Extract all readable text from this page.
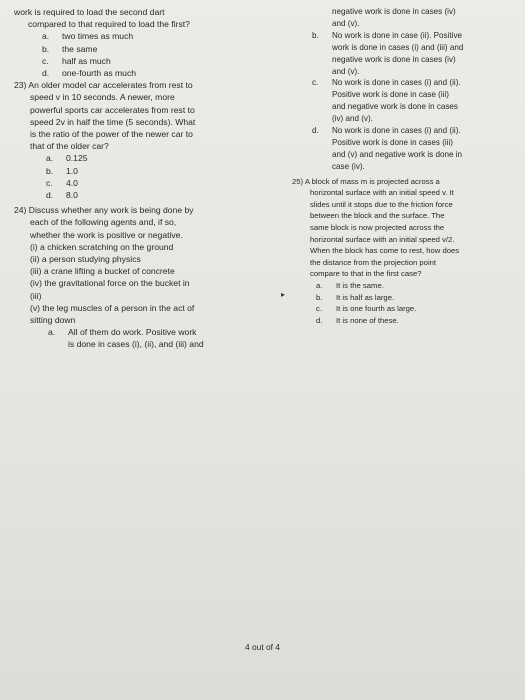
work is required to load the second dart
compared to that required to load the first?
a.	two times as much
b.	the same
c.	half as much
d.	one-fourth as much
23) An older model car accelerates from rest to
speed v in 10 seconds. A newer, more
powerful sports car accelerates from rest to
speed 2v in half the time (5 seconds). What
is the ratio of the power of the newer car to
that of the older car?
a.	0.125
b.	1.0
c.	4.0
d.	8.0
24) Discuss whether any work is being done by
each of the following agents and, if so,
whether the work is positive or negative.
(i) a chicken scratching on the ground
(ii) a person studying physics
(iii) a crane lifting a bucket of concrete
(iv) the gravitational force on the bucket in
(iii)
(v) the leg muscles of a person in the act of
sitting down
a.	All of them do work. Positive work
is done in cases (i), (ii), and (iii) and
negative work is done in cases (iv)
and (v).
b.	No work is done in case (ii). Positive
work is done in cases (i) and (iii) and
negative work is done in cases (iv)
and (v).
c.	No work is done in cases (i) and (ii).
Positive work is done in case (iii)
and negative work is done in cases
(iv) and (v).
d.	No work is done in cases (i) and (ii).
Positive work is done in cases (iii)
and (v) and negative work is done in
case (iv).
25) A block of mass m is projected across a
horizontal surface with an initial speed v. It
slides until it stops due to the friction force
between the block and the surface. The
same block is now projected across the
horizontal surface with an initial speed v/2.
When the block has come to rest, how does
the distance from the projection point
compare to that in the first case?
a.	It is the same.
b.	It is half as large.
c.	It is one fourth as large.
d.	It is none of these.
▸
4 out of 4
